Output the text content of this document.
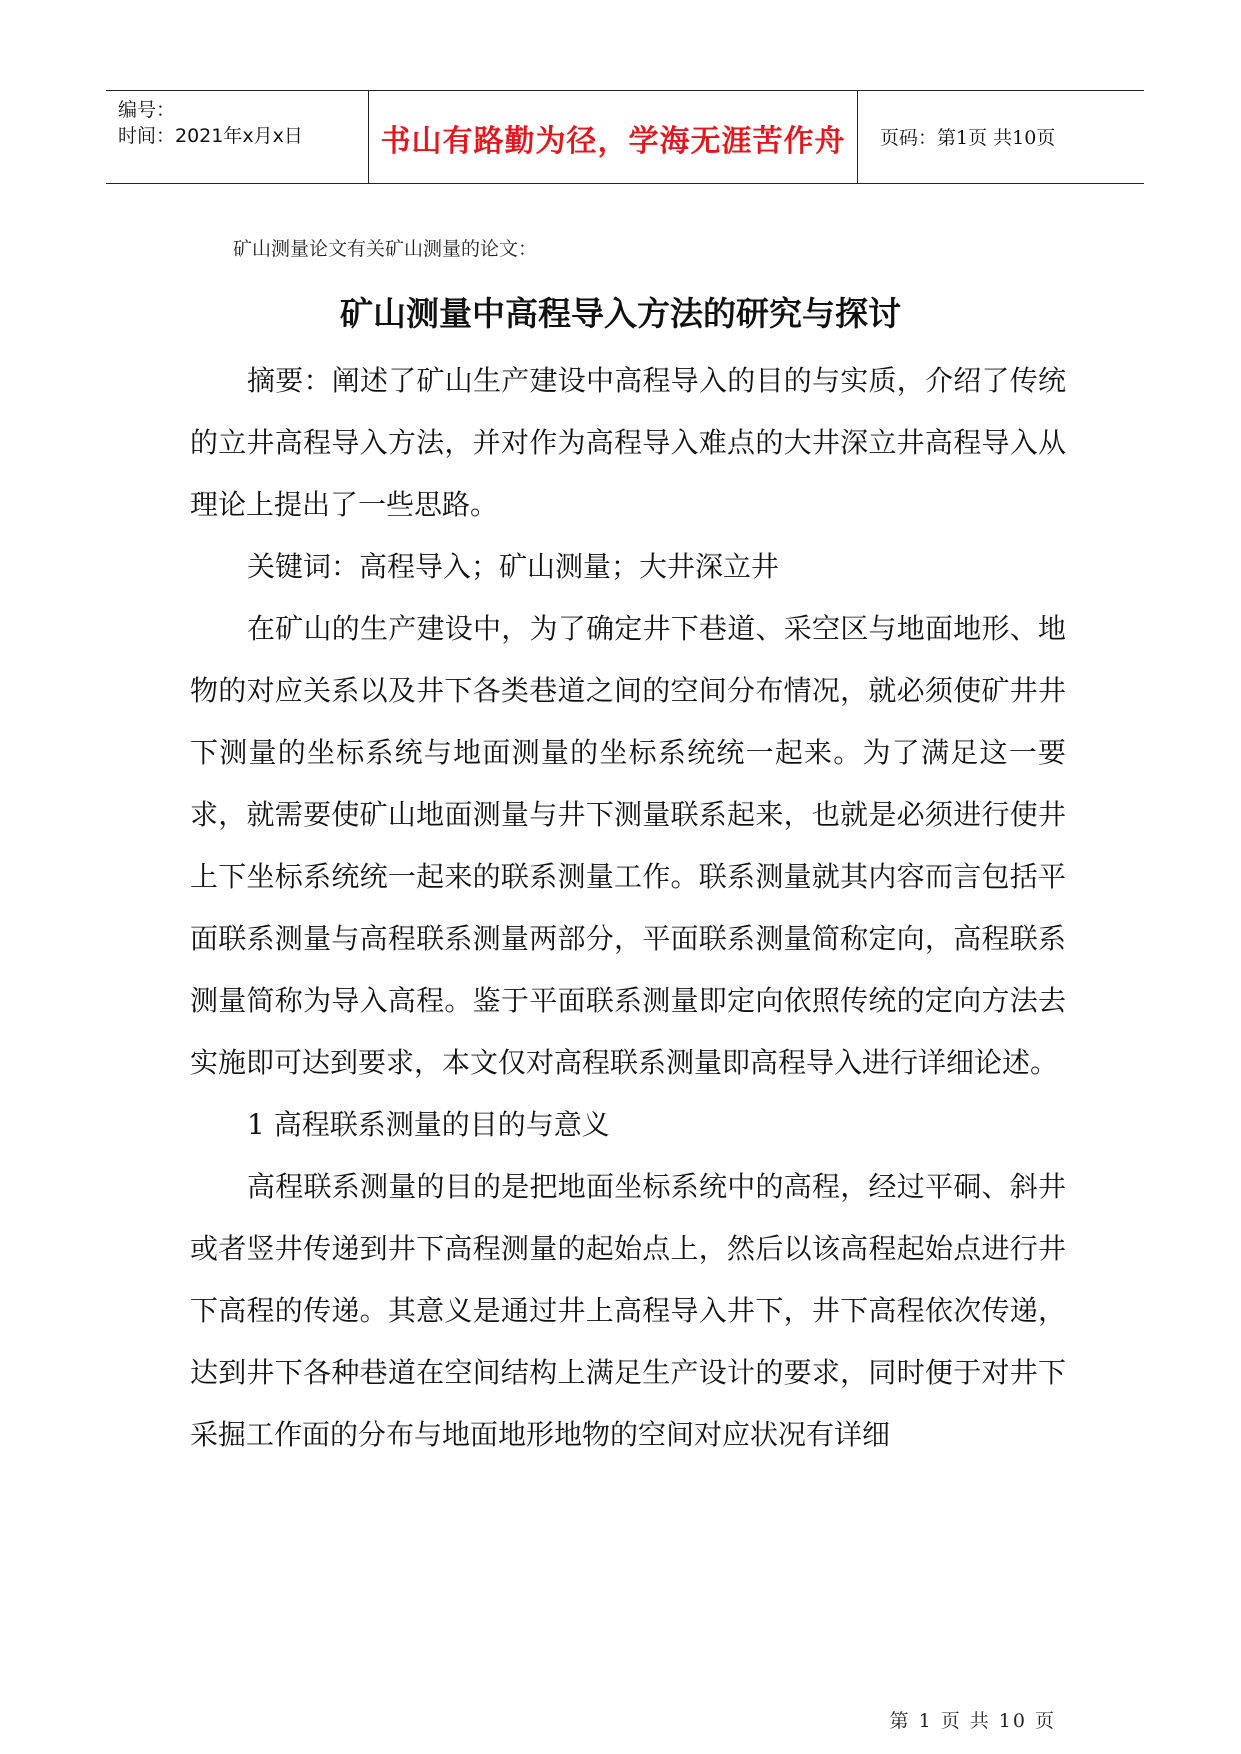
编号：
时间：2021年x月x日	书山有路勤为径，学海无涯苦作舟	页码：第1页 共10页
矿山测量论文有关矿山测量的论文：
矿山测量中高程导入方法的研究与探讨

摘要：阐述了矿山生产建设中高程导入的目的与实质，介绍了传统的立井高程导入方法，并对作为高程导入难点的大井深立井高程导入从理论上提出了一些思路。

关键词：高程导入；矿山测量；大井深立井

在矿山的生产建设中，为了确定井下巷道、采空区与地面地形、地物的对应关系以及井下各类巷道之间的空间分布情况，就必须使矿井井下测量的坐标系统与地面测量的坐标系统统一起来。为了满足这一要求，就需要使矿山地面测量与井下测量联系起来，也就是必须进行使井上下坐标系统统一起来的联系测量工作。联系测量就其内容而言包括平面联系测量与高程联系测量两部分，平面联系测量简称定向，高程联系测量简称为导入高程。鉴于平面联系测量即定向依照传统的定向方法去实施即可达到要求，本文仅对高程联系测量即高程导入进行详细论述。

1 高程联系测量的目的与意义

高程联系测量的目的是把地面坐标系统中的高程，经过平硐、斜井或者竖井传递到井下高程测量的起始点上，然后以该高程起始点进行井下高程的传递。其意义是通过井上高程导入井下，井下高程依次传递，达到井下各种巷道在空间结构上满足生产设计的要求，同时便于对井下采掘工作面的分布与地面地形地物的空间对应状况有详细

第 1 页 共 10 页
